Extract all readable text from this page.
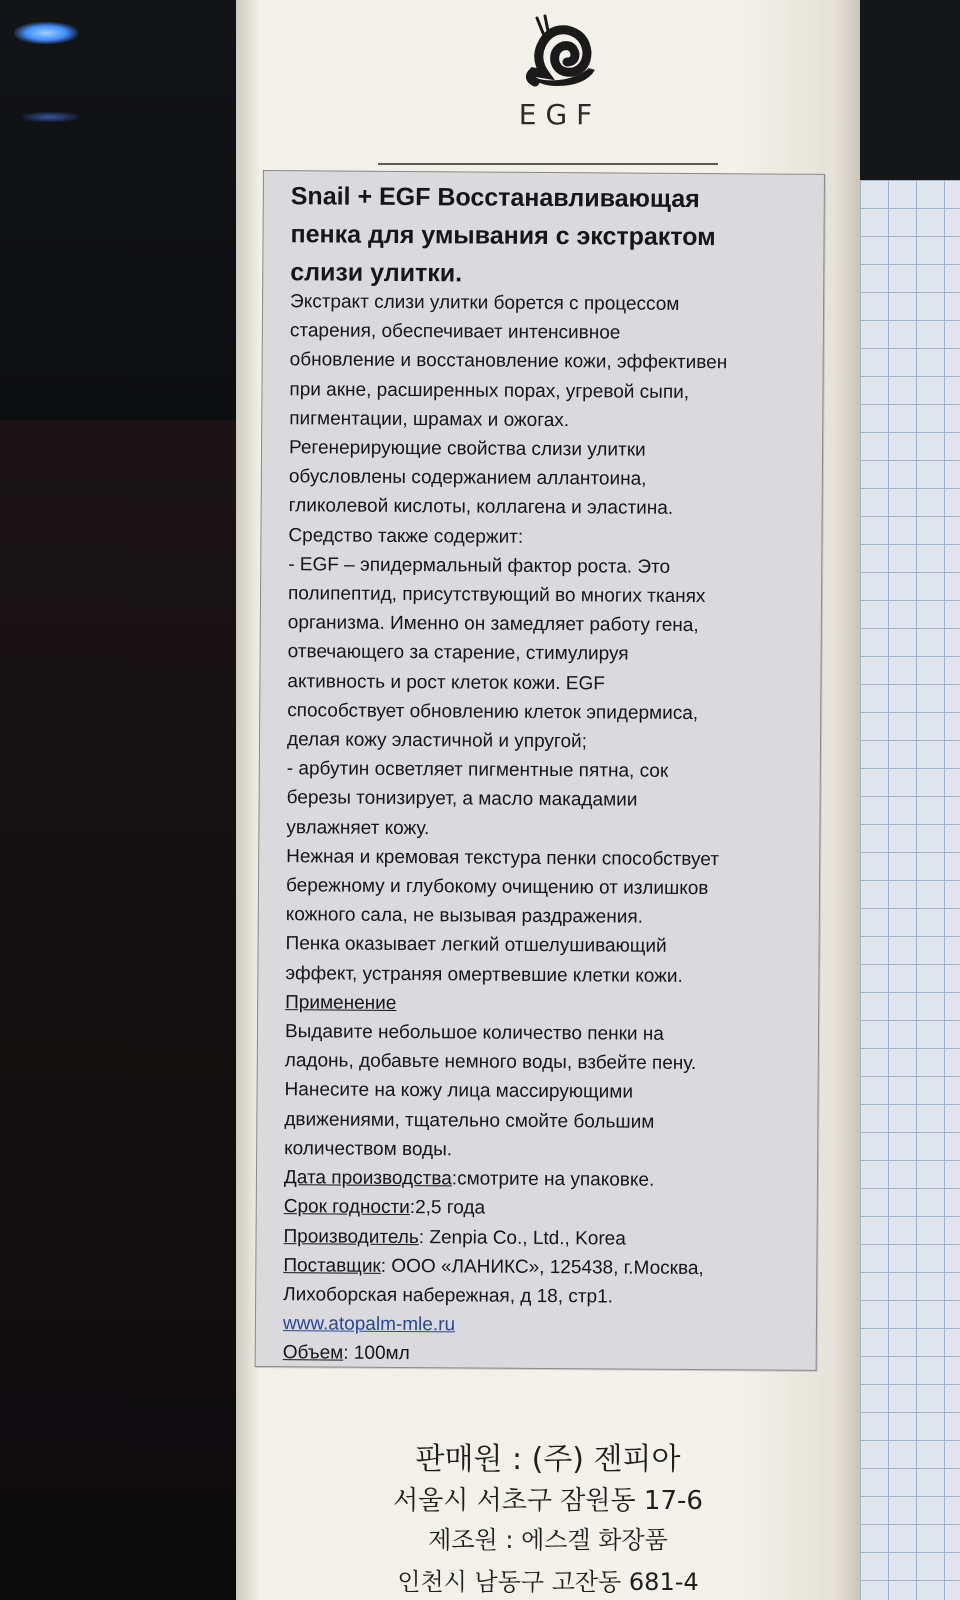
EGF
Snail + EGF Восстанавливающая
пенка для умывания с экстрактом
слизи улитки.
Экстракт слизи улитки борется с процессом
старения, обеспечивает интенсивное
обновление и восстановление кожи, эффективен
при акне, расширенных порах, угревой сыпи,
пигментации, шрамах и ожогах.
Регенерирующие свойства слизи улитки
обусловлены содержанием аллантоина,
гликолевой кислоты, коллагена и эластина.
Средство также содержит:
- EGF – эпидермальный фактор роста. Это
полипептид, присутствующий во многих тканях
организма. Именно он замедляет работу гена,
отвечающего за старение, стимулируя
активность и рост клеток кожи. EGF
способствует обновлению клеток эпидермиса,
делая кожу эластичной и упругой;
- арбутин осветляет пигментные пятна, сок
березы тонизирует, а масло макадамии
увлажняет кожу.
Нежная и кремовая текстура пенки способствует
бережному и глубокому очищению от излишков
кожного сала, не вызывая раздражения.
Пенка оказывает легкий отшелушивающий
эффект, устраняя омертвевшие клетки кожи.
Применение
Выдавите небольшое количество пенки на
ладонь, добавьте немного воды, взбейте пену.
Нанесите на кожу лица массирующими
движениями, тщательно смойте большим
количеством воды.
Дата производства:смотрите на упаковке.
Срок годности:2,5 года
Производитель: Zenpia Co., Ltd., Korea
Поставщик: ООО «ЛАНИКС», 125438, г.Москва,
Лихоборская набережная, д 18, стр1.
www.atopalm-mle.ru
Объем: 100мл
판매원 : (주) 젠피아
서울시 서초구 잠원동 17-6
제조원 : 에스겔 화장품
인천시 남동구 고잔동 681-4
